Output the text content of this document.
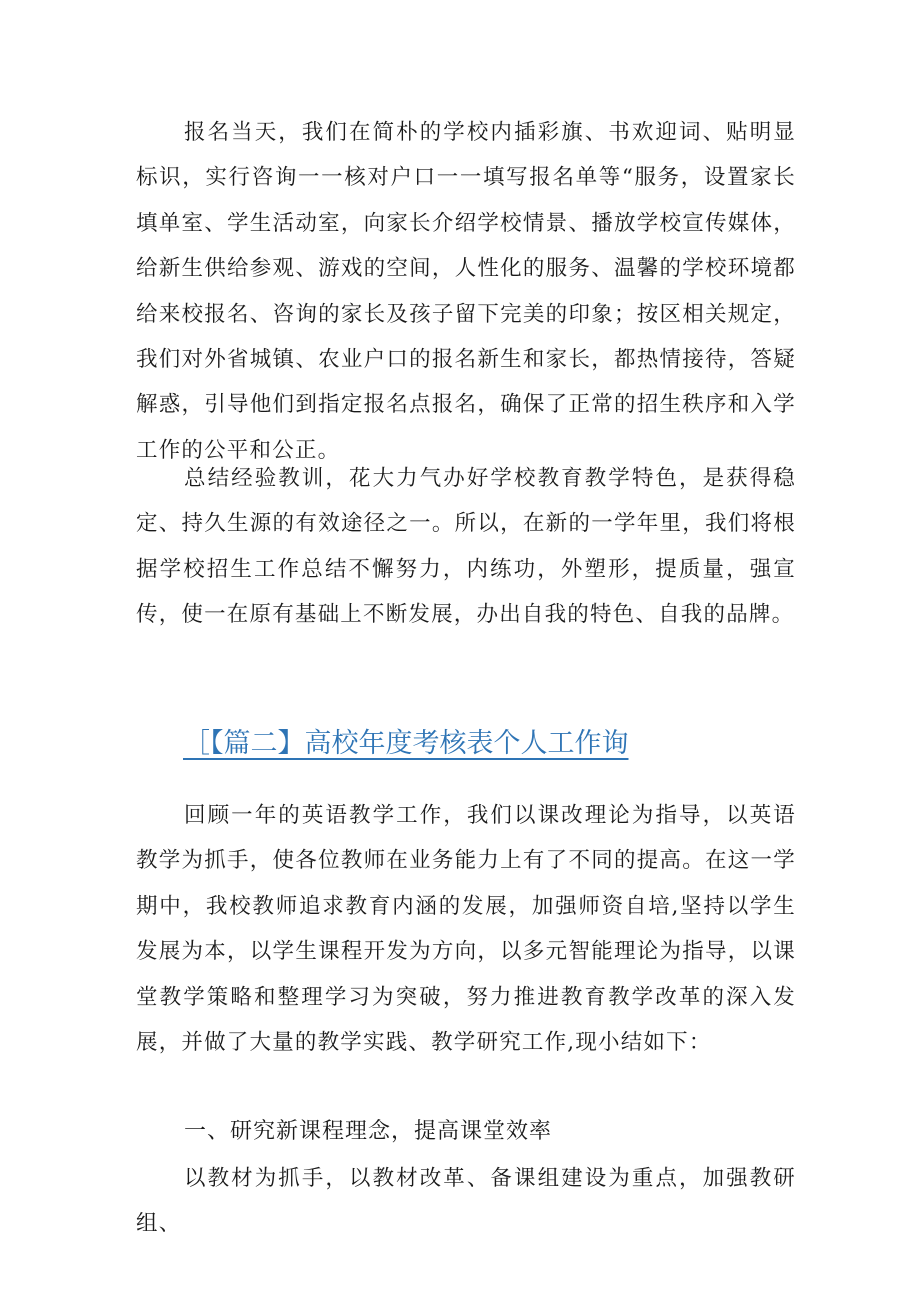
报名当天，我们在简朴的学校内插彩旗、书欢迎词、贴明显标识，实行咨询一一核对户口一一填写报名单等“服务，设置家长填单室、学生活动室，向家长介绍学校情景、播放学校宣传媒体，给新生供给参观、游戏的空间，人性化的服务、温馨的学校环境都给来校报名、咨询的家长及孩子留下完美的印象；按区相关规定，我们对外省城镇、农业户口的报名新生和家长，都热情接待，答疑解惑，引导他们到指定报名点报名，确保了正常的招生秩序和入学工作的公平和公正。

总结经验教训，花大力气办好学校教育教学特色，是获得稳定、持久生源的有效途径之一。所以，在新的一学年里，我们将根据学校招生工作总结不懈努力，内练功，外塑形，提质量，强宣传，使一在原有基础上不断发展，办出自我的特色、自我的品牌。

［【篇二】高校年度考核表个人工作询

回顾一年的英语教学工作，我们以课改理论为指导，以英语教学为抓手，使各位教师在业务能力上有了不同的提高。在这一学期中，我校教师追求教育内涵的发展，加强师资自培,坚持以学生发展为本，以学生课程开发为方向，以多元智能理论为指导，以课堂教学策略和整理学习为突破，努力推进教育教学改革的深入发展，并做了大量的教学实践、教学研究工作,现小结如下：

一、研究新课程理念，提高课堂效率

以教材为抓手，以教材改革、备课组建设为重点，加强教研组、
